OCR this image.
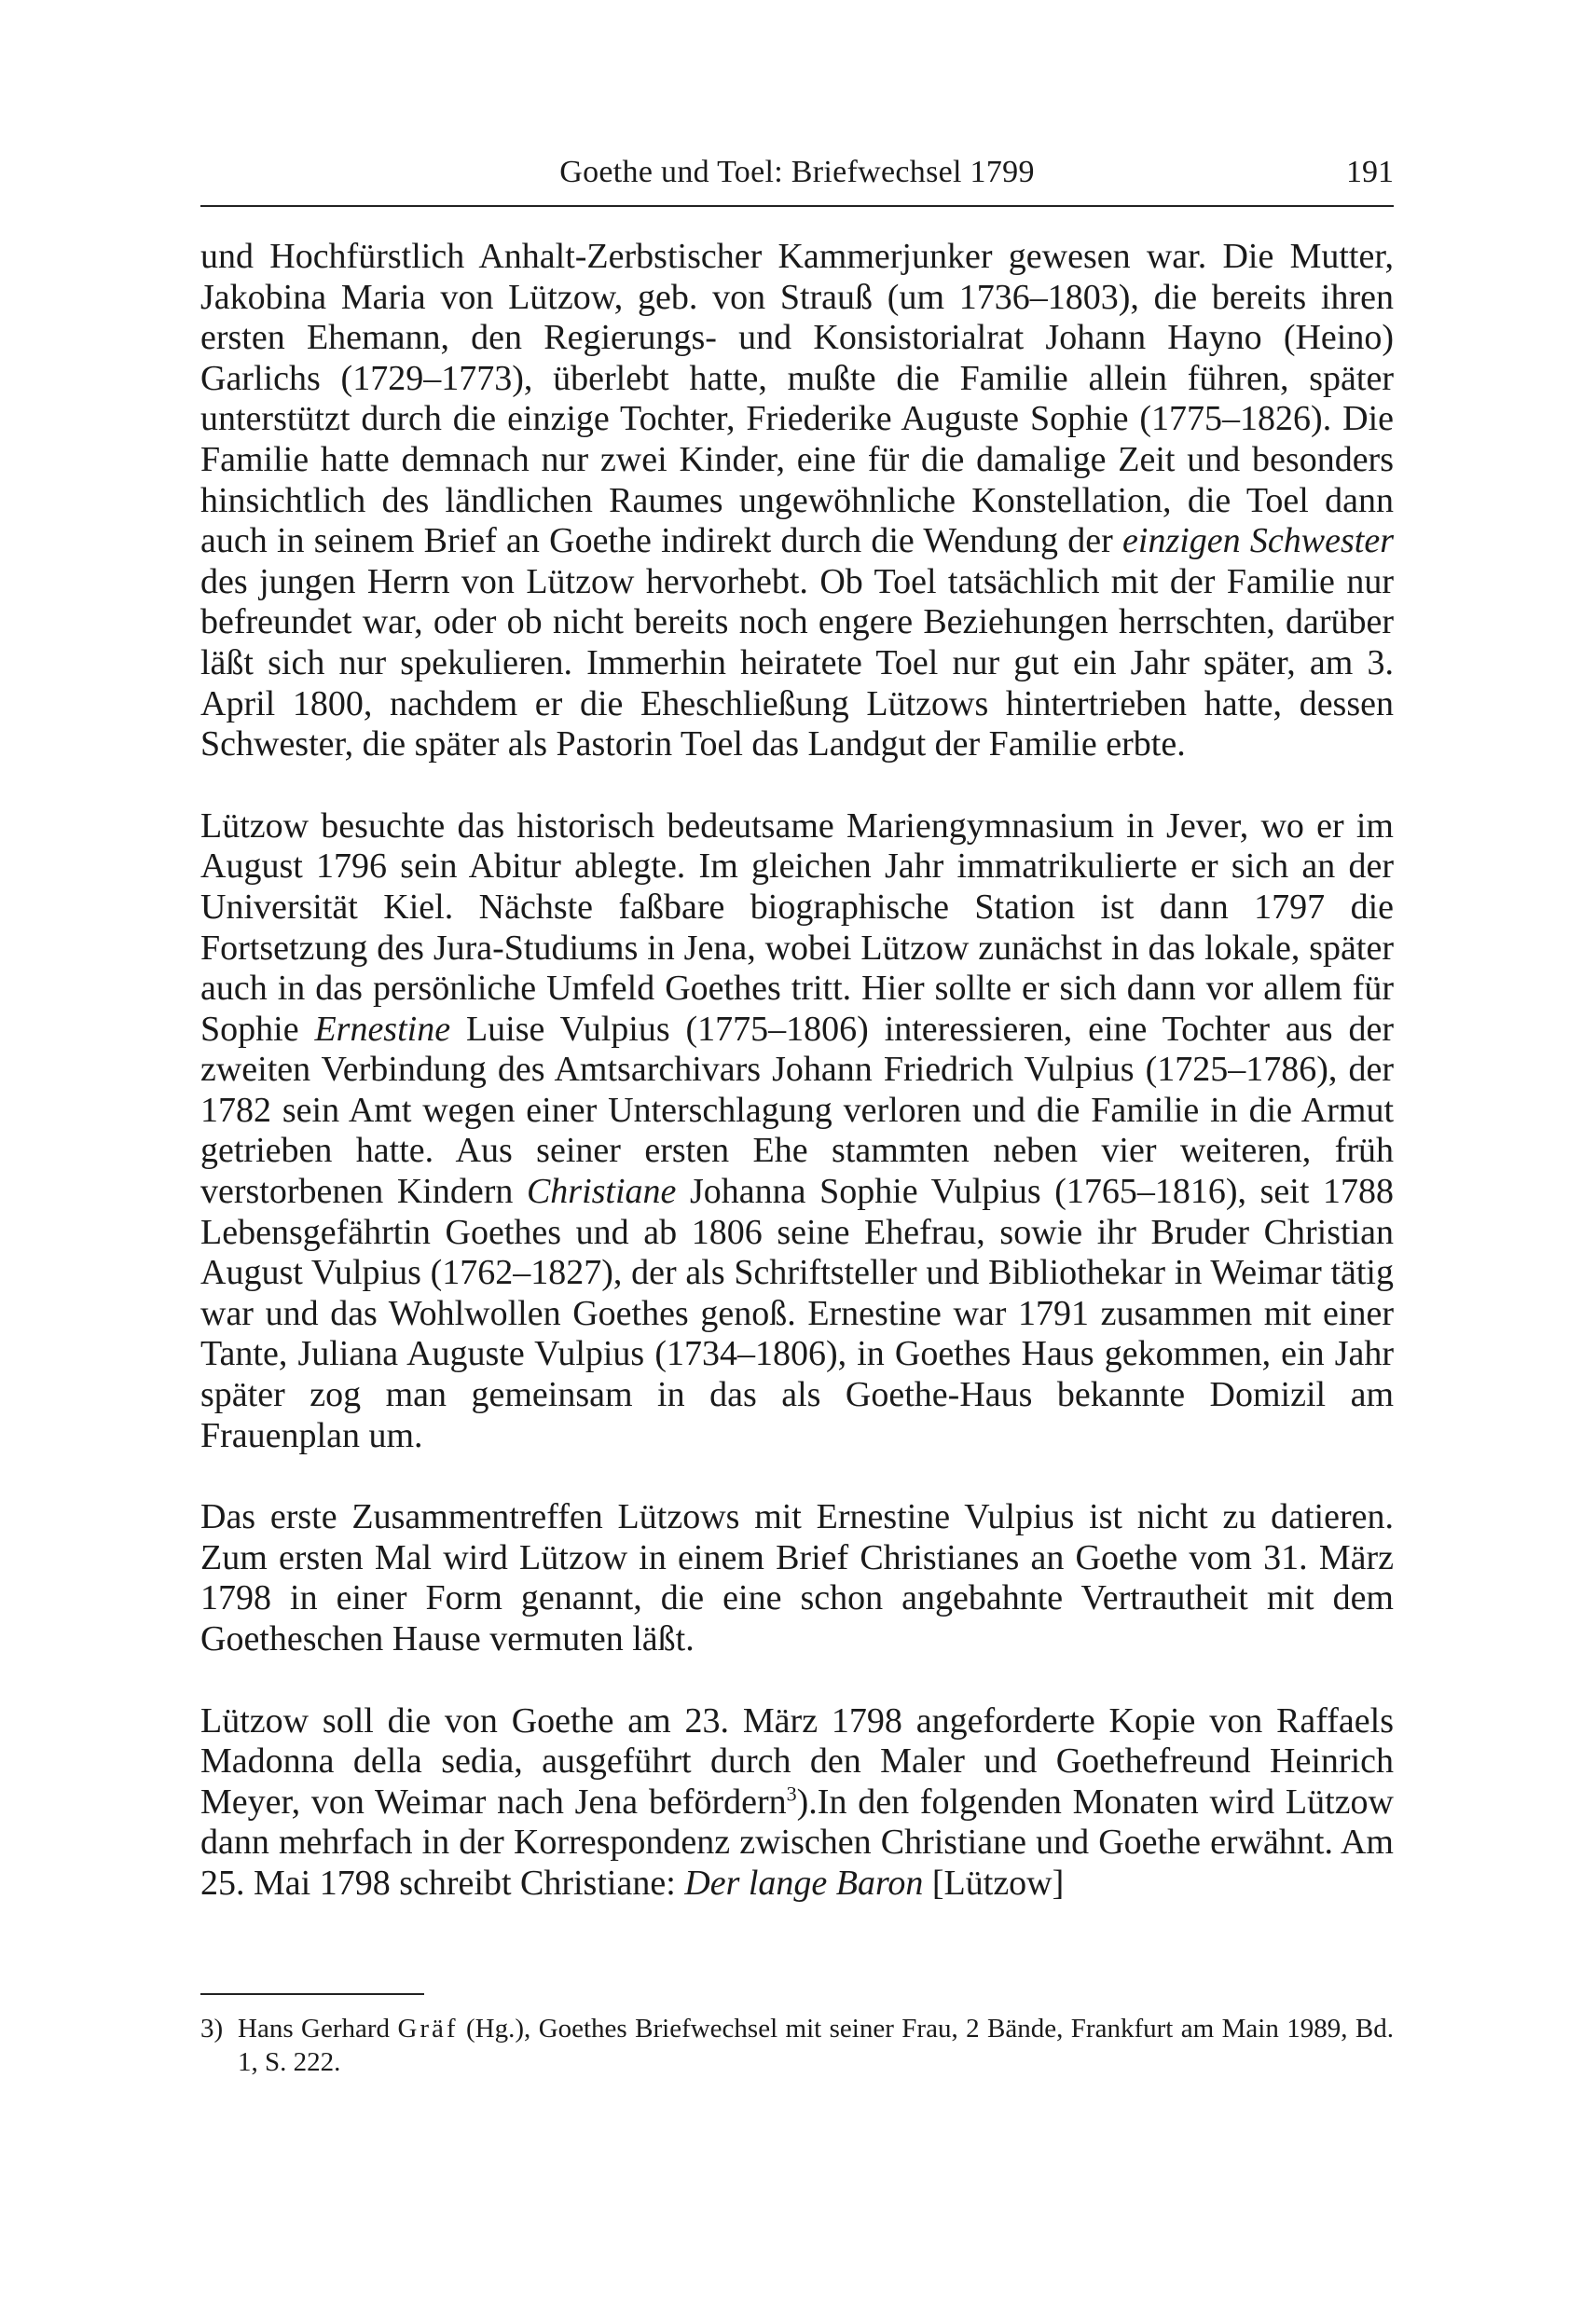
Goethe und Toel: Briefwechsel 1799	191

und Hochfürstlich Anhalt-Zerbstischer Kammerjunker gewesen war. Die Mutter, Jakobina Maria von Lützow, geb. von Strauß (um 1736–1803), die bereits ihren ersten Ehemann, den Regierungs- und Konsistorialrat Johann Hayno (Heino) Garlichs (1729–1773), überlebt hatte, mußte die Familie allein führen, später unterstützt durch die einzige Tochter, Friederike Auguste Sophie (1775–1826). Die Familie hatte demnach nur zwei Kinder, eine für die damalige Zeit und besonders hinsichtlich des ländlichen Raumes ungewöhnliche Konstellation, die Toel dann auch in seinem Brief an Goethe indirekt durch die Wendung der einzigen Schwester des jungen Herrn von Lützow hervorhebt. Ob Toel tatsächlich mit der Familie nur befreundet war, oder ob nicht bereits noch engere Beziehungen herrschten, darüber läßt sich nur spekulieren. Immerhin heiratete Toel nur gut ein Jahr später, am 3. April 1800, nachdem er die Eheschließung Lützows hintertrieben hatte, dessen Schwester, die später als Pastorin Toel das Landgut der Familie erbte.

Lützow besuchte das historisch bedeutsame Mariengymnasium in Jever, wo er im August 1796 sein Abitur ablegte. Im gleichen Jahr immatrikulierte er sich an der Universität Kiel. Nächste faßbare biographische Station ist dann 1797 die Fortsetzung des Jura-Studiums in Jena, wobei Lützow zunächst in das lokale, später auch in das persönliche Umfeld Goethes tritt. Hier sollte er sich dann vor allem für Sophie Ernestine Luise Vulpius (1775–1806) interessieren, eine Tochter aus der zweiten Verbindung des Amtsarchivars Johann Friedrich Vulpius (1725–1786), der 1782 sein Amt wegen einer Unterschlagung verloren und die Familie in die Armut getrieben hatte. Aus seiner ersten Ehe stammten neben vier weiteren, früh verstorbenen Kindern Christiane Johanna Sophie Vulpius (1765–1816), seit 1788 Lebensgefährtin Goethes und ab 1806 seine Ehefrau, sowie ihr Bruder Christian August Vulpius (1762–1827), der als Schriftsteller und Bibliothekar in Weimar tätig war und das Wohlwollen Goethes genoß. Ernestine war 1791 zusammen mit einer Tante, Juliana Auguste Vulpius (1734–1806), in Goethes Haus gekommen, ein Jahr später zog man gemeinsam in das als Goethe-Haus bekannte Domizil am Frauenplan um.

Das erste Zusammentreffen Lützows mit Ernestine Vulpius ist nicht zu datieren. Zum ersten Mal wird Lützow in einem Brief Christianes an Goethe vom 31. März 1798 in einer Form genannt, die eine schon angebahnte Vertrautheit mit dem Goetheschen Hause vermuten läßt.

Lützow soll die von Goethe am 23. März 1798 angeforderte Kopie von Raffaels Madonna della sedia, ausgeführt durch den Maler und Goethefreund Heinrich Meyer, von Weimar nach Jena befördern$^3$).In den folgenden Monaten wird Lützow dann mehrfach in der Korrespondenz zwischen Christiane und Goethe erwähnt. Am 25. Mai 1798 schreibt Christiane: Der lange Baron [Lützow]

3) Hans Gerhard Gräf (Hg.), Goethes Briefwechsel mit seiner Frau, 2 Bände, Frankfurt am Main 1989, Bd. 1, S. 222.
